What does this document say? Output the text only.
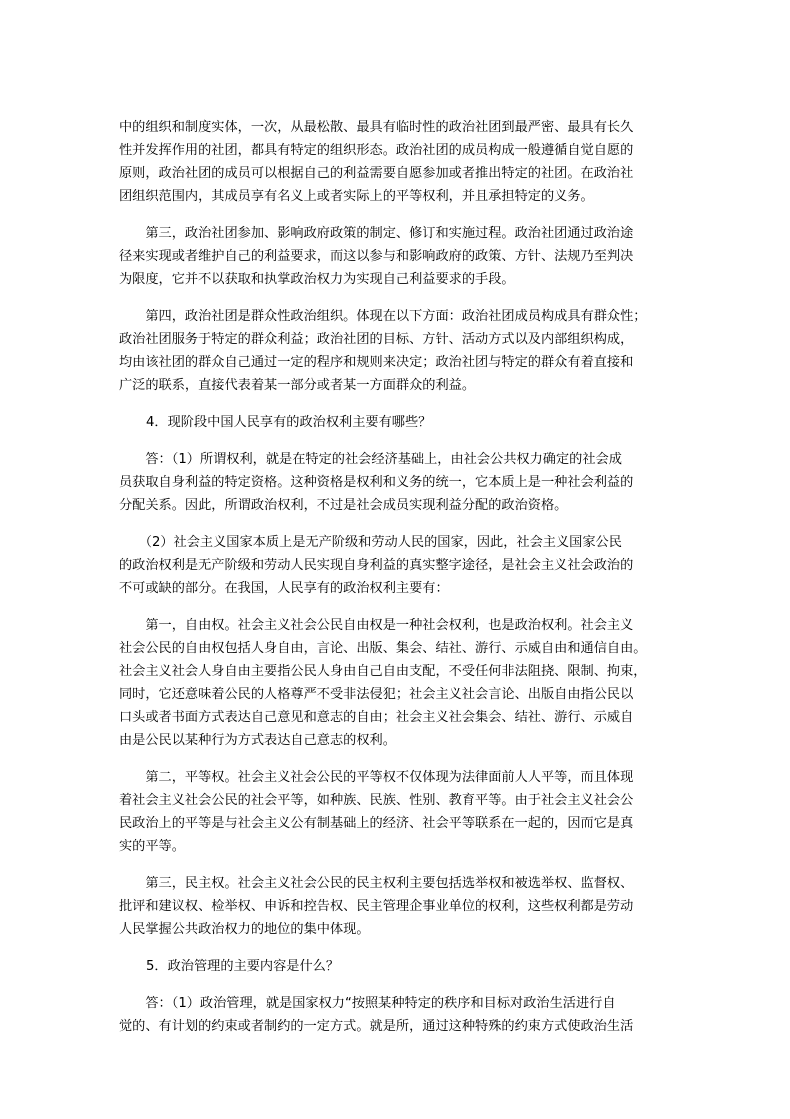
中的组织和制度实体，一次，从最松散、最具有临时性的政治社团到最严密、最具有长久
性并发挥作用的社团，都具有特定的组织形态。政治社团的成员构成一般遵循自觉自愿的
原则，政治社团的成员可以根据自己的利益需要自愿参加或者推出特定的社团。在政治社
团组织范围内，其成员享有名义上或者实际上的平等权利，并且承担特定的义务。
　　第三，政治社团参加、影响政府政策的制定、修订和实施过程。政治社团通过政治途
径来实现或者维护自己的利益要求，而这以参与和影响政府的政策、方针、法规乃至判决
为限度，它并不以获取和执掌政治权力为实现自己利益要求的手段。
　　第四，政治社团是群众性政治组织。体现在以下方面：政治社团成员构成具有群众性；
政治社团服务于特定的群众利益；政治社团的目标、方针、活动方式以及内部组织构成，
均由该社团的群众自己通过一定的程序和规则来决定；政治社团与特定的群众有着直接和
广泛的联系，直接代表着某一部分或者某一方面群众的利益。
4．现阶段中国人民享有的政治权利主要有哪些？
　　答：（1）所谓权利，就是在特定的社会经济基础上，由社会公共权力确定的社会成
员获取自身利益的特定资格。这种资格是权利和义务的统一，它本质上是一种社会利益的
分配关系。因此，所谓政治权利，不过是社会成员实现利益分配的政治资格。
　　（2）社会主义国家本质上是无产阶级和劳动人民的国家，因此，社会主义国家公民
的政治权利是无产阶级和劳动人民实现自身利益的真实整字途径，是社会主义社会政治的
不可或缺的部分。在我国，人民享有的政治权利主要有：
　　第一，自由权。社会主义社会公民自由权是一种社会权利，也是政治权利。社会主义
社会公民的自由权包括人身自由，言论、出版、集会、结社、游行、示威自由和通信自由。
社会主义社会人身自由主要指公民人身由自己自由支配，不受任何非法阻挠、限制、拘束，
同时，它还意味着公民的人格尊严不受非法侵犯；社会主义社会言论、出版自由指公民以
口头或者书面方式表达自己意见和意志的自由；社会主义社会集会、结社、游行、示威自
由是公民以某种行为方式表达自己意志的权利。
　　第二，平等权。社会主义社会公民的平等权不仅体现为法律面前人人平等，而且体现
着社会主义社会公民的社会平等，如种族、民族、性别、教育平等。由于社会主义社会公
民政治上的平等是与社会主义公有制基础上的经济、社会平等联系在一起的，因而它是真
实的平等。
　　第三，民主权。社会主义社会公民的民主权利主要包括选举权和被选举权、监督权、
批评和建议权、检举权、申诉和控告权、民主管理企事业单位的权利，这些权利都是劳动
人民掌握公共政治权力的地位的集中体现。
5．政治管理的主要内容是什么？
　　答：（1）政治管理，就是国家权力“按照某种特定的秩序和目标对政治生活进行自
觉的、有计划的约束或者制约的一定方式。就是所，通过这种特殊的约束方式使政治生活
